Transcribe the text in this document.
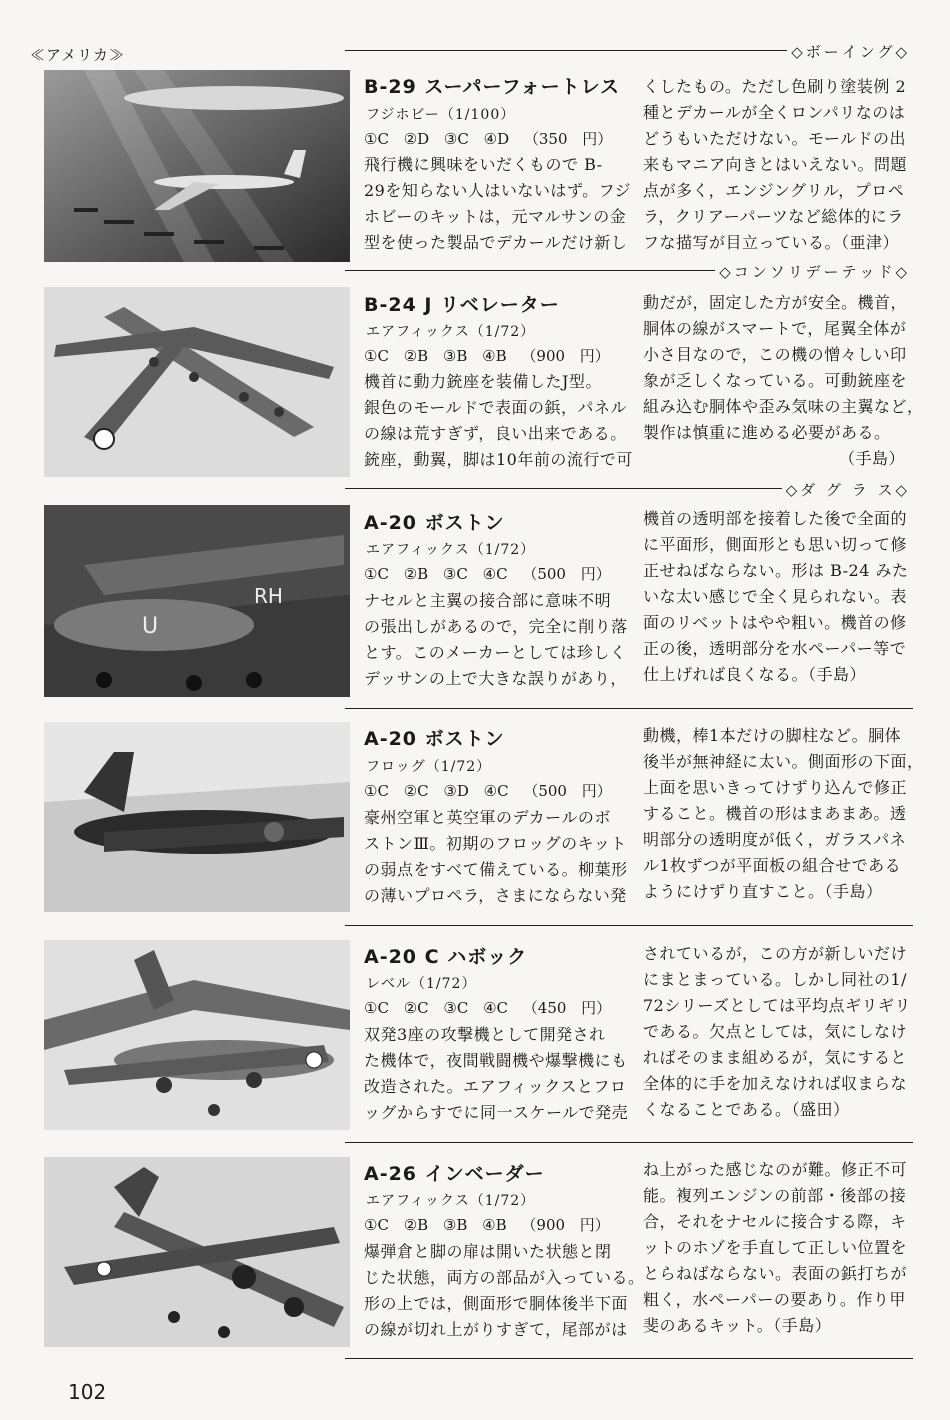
≪アメリカ≫	◇ボーイング◇
B-29 スーパーフォートレス
フジホビー（1/100）
①C ②D ③C ④D （350 円）
飛行機に興味をいだくもので B-
29を知らない人はいないはず。フジ
ホビーのキットは，元マルサンの金
型を使った製品でデカールだけ新し
くしたもの。ただし色刷り塗装例 2
種とデカールが全くロンパリなのは
どうもいただけない。モールドの出
来もマニア向きとはいえない。問題
点が多く，エンジングリル，プロペ
ラ，クリアーパーツなど総体的にラ
フな描写が目立っている。（亜津）
◇コンソリデーテッド◇
B-24 J リベレーター
エアフィックス（1/72）
①C ②B ③B ④B （900 円）
機首に動力銃座を装備したJ型。
銀色のモールドで表面の鋲，パネル
の線は荒すぎず，良い出来である。
銃座，動翼，脚は10年前の流行で可
動だが，固定した方が安全。機首，
胴体の線がスマートで，尾翼全体が
小さ目なので，この機の憎々しい印
象が乏しくなっている。可動銃座を
組み込む胴体や歪み気味の主翼など，
製作は慎重に進める必要がある。
（手島）
◇ダ グ ラ ス◇
RH
U
A-20 ボストン
エアフィックス（1/72）
①C ②B ③C ④C （500 円）
ナセルと主翼の接合部に意味不明
の張出しがあるので，完全に削り落
とす。このメーカーとしては珍しく
デッサンの上で大きな誤りがあり，
機首の透明部を接着した後で全面的
に平面形，側面形とも思い切って修
正せねばならない。形は B-24 みた
いな太い感じで全く見られない。表
面のリベットはやや粗い。機首の修
正の後，透明部分を水ペーパー等で
仕上げれば良くなる。（手島）
A-20 ボストン
フロッグ（1/72）
①C ②C ③D ④C （500 円）
豪州空軍と英空軍のデカールのボ
ストンⅢ。初期のフロッグのキット
の弱点をすべて備えている。柳葉形
の薄いプロペラ，さまにならない発
動機，棒1本だけの脚柱など。胴体
後半が無神経に太い。側面形の下面，
上面を思いきってけずり込んで修正
すること。機首の形はまあまあ。透
明部分の透明度が低く，ガラスパネ
ル1枚ずつが平面板の組合せである
ようにけずり直すこと。（手島）
A-20 C ハボック
レベル（1/72）
①C ②C ③C ④C （450 円）
双発3座の攻撃機として開発され
た機体で，夜間戦闘機や爆撃機にも
改造された。エアフィックスとフロ
ッグからすでに同一スケールで発売
されているが，この方が新しいだけ
にまとまっている。しかし同社の1/
72シリーズとしては平均点ギリギリ
である。欠点としては，気にしなけ
ればそのまま組めるが，気にすると
全体的に手を加えなければ収まらな
くなることである。（盛田）
A-26 インベーダー
エアフィックス（1/72）
①C ②B ③B ④B （900 円）
爆弾倉と脚の扉は開いた状態と閉
じた状態，両方の部品が入っている。
形の上では，側面形で胴体後半下面
の線が切れ上がりすぎて，尾部がは
ね上がった感じなのが難。修正不可
能。複列エンジンの前部・後部の接
合，それをナセルに接合する際，キ
ットのホゾを手直して正しい位置を
とらねばならない。表面の鋲打ちが
粗く，水ペーパーの要あり。作り甲
斐のあるキット。（手島）
102
